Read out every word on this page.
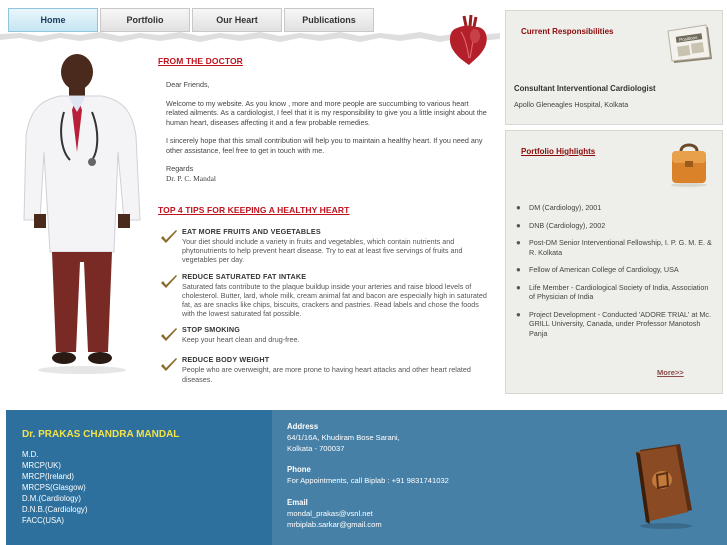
Home	Portfolio	Our Heart	Publications
FROM THE DOCTOR

Dear Friends,

Welcome to my website. As you know , more and more people are succumbing to various heart related ailments. As a cardiologist, I feel that it is my responsibility to give you a little insight about the human heart, diseases affecting it and a few probable remedies.

I sincerely hope that this small contribution will help you to maintain a healthy heart. If you need any other assistance, feel free to get in touch with me.

Regards
Dr. P. C. Mandal
TOP 4 TIPS FOR KEEPING A HEALTHY HEART
EAT MORE FRUITS AND VEGETABLES
Your diet should include a variety in fruits and vegetables, which contain nutrients and phytonutrients to help prevent heart disease. Try to eat at least five servings of fruits and vegetables per day.
REDUCE SATURATED FAT INTAKE
Saturated fats contribute to the plaque buildup inside your arteries and raise blood levels of cholesterol. Butter, lard, whole milk, cream animal fat and bacon are especially high in saturated fat, as are snacks like chips, biscuits, crackers and pastries. Read labels and chose the foods with the lowest saturated fat possible.
STOP SMOKING
Keep your heart clean and drug-free.
REDUCE BODY WEIGHT
People who are overweight, are more prone to having heart attacks and other heart related diseases.
Current Responsibilities
Positions
Consultant Interventional Cardiologist
Apollo Gleneagles Hospital, Kolkata
Portfolio Highlights
●	DM (Cardiology), 2001
●	DNB (Cardiology), 2002
●	Post-DM Senior Interventional Fellowship, I. P. G. M. E. & R. Kolkata
●	Fellow of American College of Cardiology, USA
●	Life Member - Cardiological Society of India, Association of Physician of India
●	Project Development - Conducted 'ADORE TRIAL' at Mc. GRILL University, Canada, under Professor Manotosh Panja
More>>
Dr. PRAKAS CHANDRA MANDAL
M.D.
MRCP(UK)
MRCP(Ireland)
MRCPS(Glasgow)
D.M.(Cardiology)
D.N.B.(Cardiology)
FACC(USA)
Address
64/1/16A, Khudiram Bose Sarani,
Kolkata - 700037
Phone
For Appointments, call Biplab : +91 9831741032
Email
mondal_prakas@vsnl.net
mrbiplab.sarkar@gmail.com
